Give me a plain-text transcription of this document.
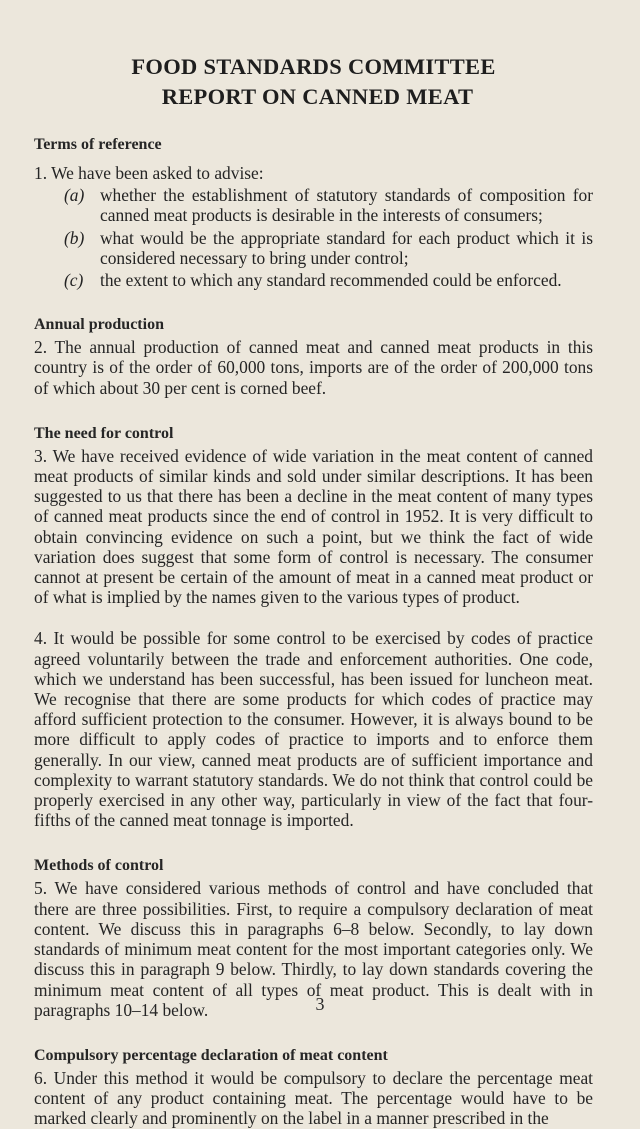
FOOD STANDARDS COMMITTEE

REPORT ON CANNED MEAT

Terms of reference

1. We have been asked to advise:

(a) whether the establishment of statutory standards of composition for canned meat products is desirable in the interests of consumers;
(b) what would be the appropriate standard for each product which it is considered necessary to bring under control;
(c) the extent to which any standard recommended could be enforced.
Annual production

2. The annual production of canned meat and canned meat products in this country is of the order of 60,000 tons, imports are of the order of 200,000 tons of which about 30 per cent is corned beef.

The need for control

3. We have received evidence of wide variation in the meat content of canned meat products of similar kinds and sold under similar descriptions. It has been suggested to us that there has been a decline in the meat content of many types of canned meat products since the end of control in 1952. It is very difficult to obtain convincing evidence on such a point, but we think the fact of wide variation does suggest that some form of control is necessary. The consumer cannot at present be certain of the amount of meat in a canned meat product or of what is implied by the names given to the various types of product.

4. It would be possible for some control to be exercised by codes of practice agreed voluntarily between the trade and enforcement authorities. One code, which we understand has been successful, has been issued for luncheon meat. We recognise that there are some products for which codes of practice may afford sufficient protection to the consumer. However, it is always bound to be more difficult to apply codes of practice to imports and to enforce them generally. In our view, canned meat products are of sufficient importance and complexity to warrant statutory standards. We do not think that control could be properly exercised in any other way, particularly in view of the fact that four-fifths of the canned meat tonnage is imported.

Methods of control

5. We have considered various methods of control and have concluded that there are three possibilities. First, to require a compulsory declaration of meat content. We discuss this in paragraphs 6–8 below. Secondly, to lay down standards of minimum meat content for the most important categories only. We discuss this in paragraph 9 below. Thirdly, to lay down standards covering the minimum meat content of all types of meat product. This is dealt with in paragraphs 10–14 below.

Compulsory percentage declaration of meat content

6. Under this method it would be compulsory to declare the percentage meat content of any product containing meat. The percentage would have to be marked clearly and prominently on the label in a manner prescribed in the

3
